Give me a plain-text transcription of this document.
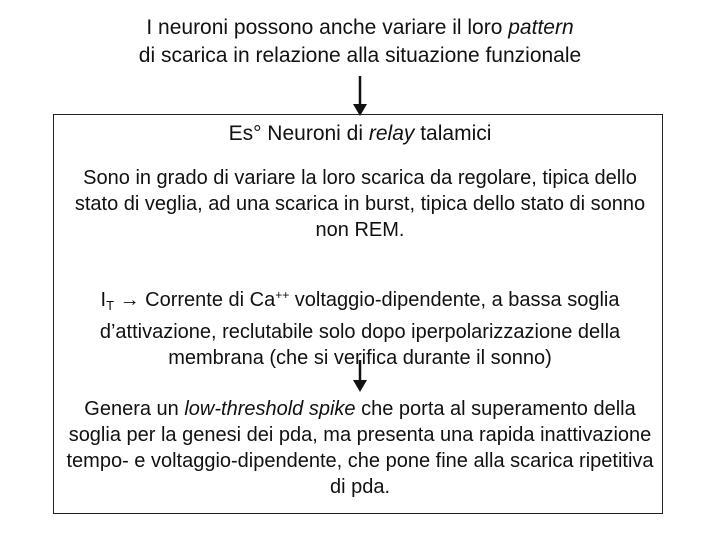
I neuroni possono anche variare il loro pattern
di scarica in relazione alla situazione funzionale
Es° Neuroni di relay talamici
Sono in grado di variare la loro scarica da regolare, tipica dello stato di veglia, ad una scarica in burst, tipica dello stato di sonno non REM.
$I_T$ → Corrente di Ca++ voltaggio-dipendente, a bassa soglia d’attivazione, reclutabile solo dopo iperpolarizzazione della membrana (che si verifica durante il sonno)
Genera un low-threshold spike che porta al superamento della soglia per la genesi dei pda, ma presenta una rapida inattivazione tempo- e voltaggio-dipendente, che pone fine alla scarica ripetitiva di pda.
